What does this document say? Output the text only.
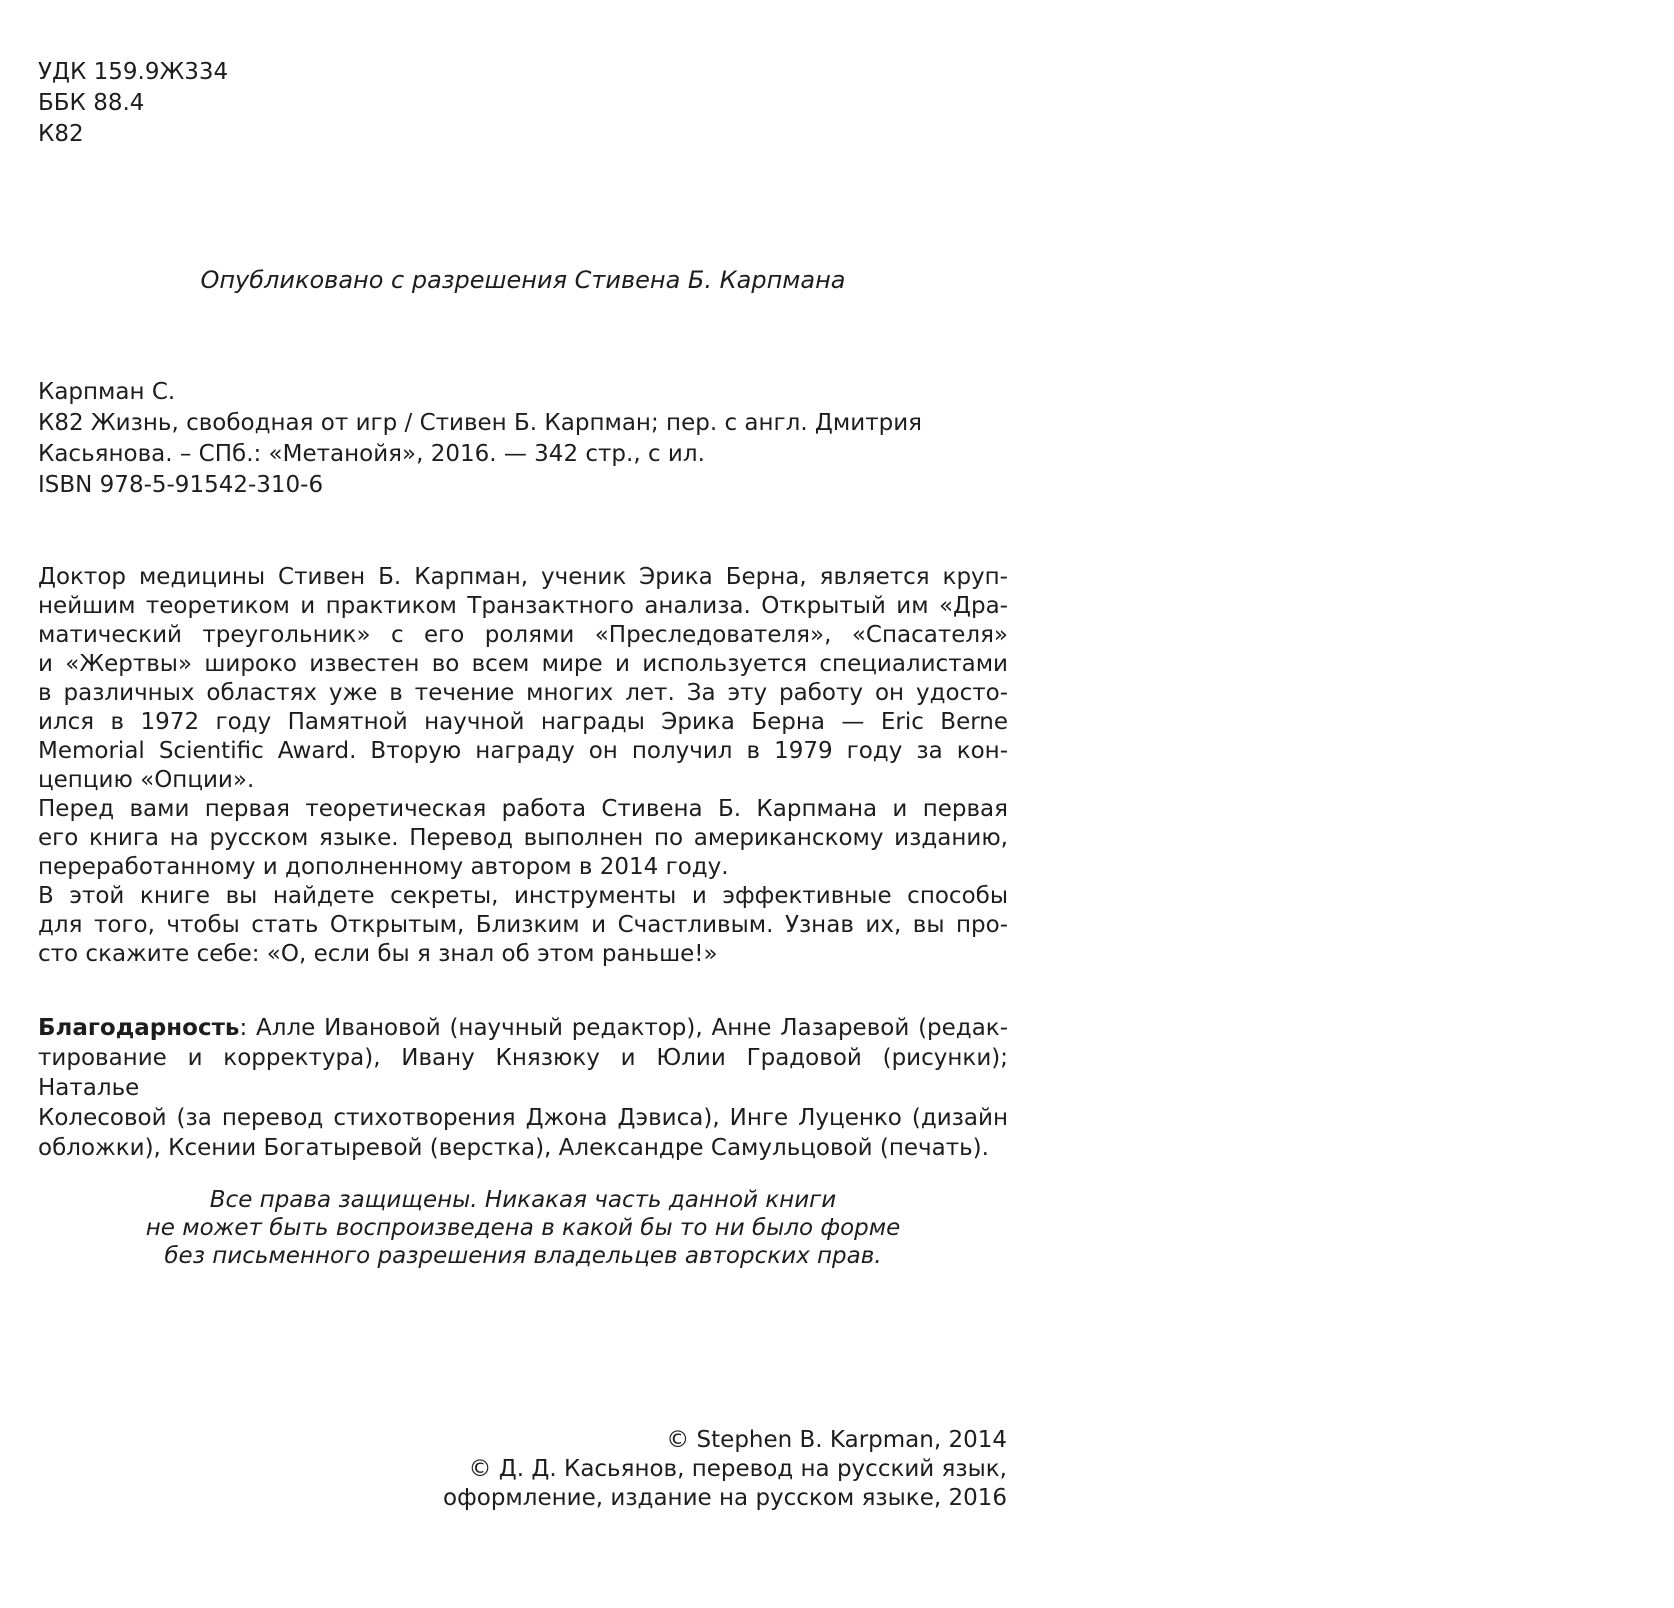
УДК 159.9Ж334
ББК 88.4
К82
Опубликовано с разрешения Стивена Б. Карпмана
Карпман С.
К82 Жизнь, свободная от игр / Стивен Б. Карпман; пер. с англ. Дмитрия
Касьянова. – СПб.: «Метанойя», 2016. — 342 стр., с ил.
ISBN 978-5-91542-310-6
Доктор медицины Стивен Б. Карпман, ученик Эрика Берна, является круп-
нейшим теоретиком и практиком Транзактного анализа. Открытый им «Дра-
матический треугольник» с его ролями «Преследователя», «Спасателя»
и «Жертвы» широко известен во всем мире и используется специалистами
в различных областях уже в течение многих лет. За эту работу он удосто-
ился в 1972 году Памятной научной награды Эрика Берна — Eric Berne
Memorial Scientific Award. Вторую награду он получил в 1979 году за кон-
цепцию «Опции».
Перед вами первая теоретическая работа Стивена Б. Карпмана и первая
его книга на русском языке. Перевод выполнен по американскому изданию,
переработанному и дополненному автором в 2014 году.
В этой книге вы найдете секреты, инструменты и эффективные способы
для того, чтобы стать Открытым, Близким и Счастливым. Узнав их, вы про-
сто скажите себе: «О, если бы я знал об этом раньше!»
Благодарность: Алле Ивановой (научный редактор), Анне Лазаревой (редак-
тирование и корректура), Ивану Князюку и Юлии Градовой (рисунки); Наталье
Колесовой (за перевод стихотворения Джона Дэвиса), Инге Луценко (дизайн
обложки), Ксении Богатыревой (верстка), Александре Самульцовой (печать).
Все права защищены. Никакая часть данной книги
не может быть воспроизведена в какой бы то ни было форме
без письменного разрешения владельцев авторских прав.
© Stephen B. Karpman, 2014
© Д. Д. Касьянов, перевод на русский язык,
оформление, издание на русском языке, 2016
